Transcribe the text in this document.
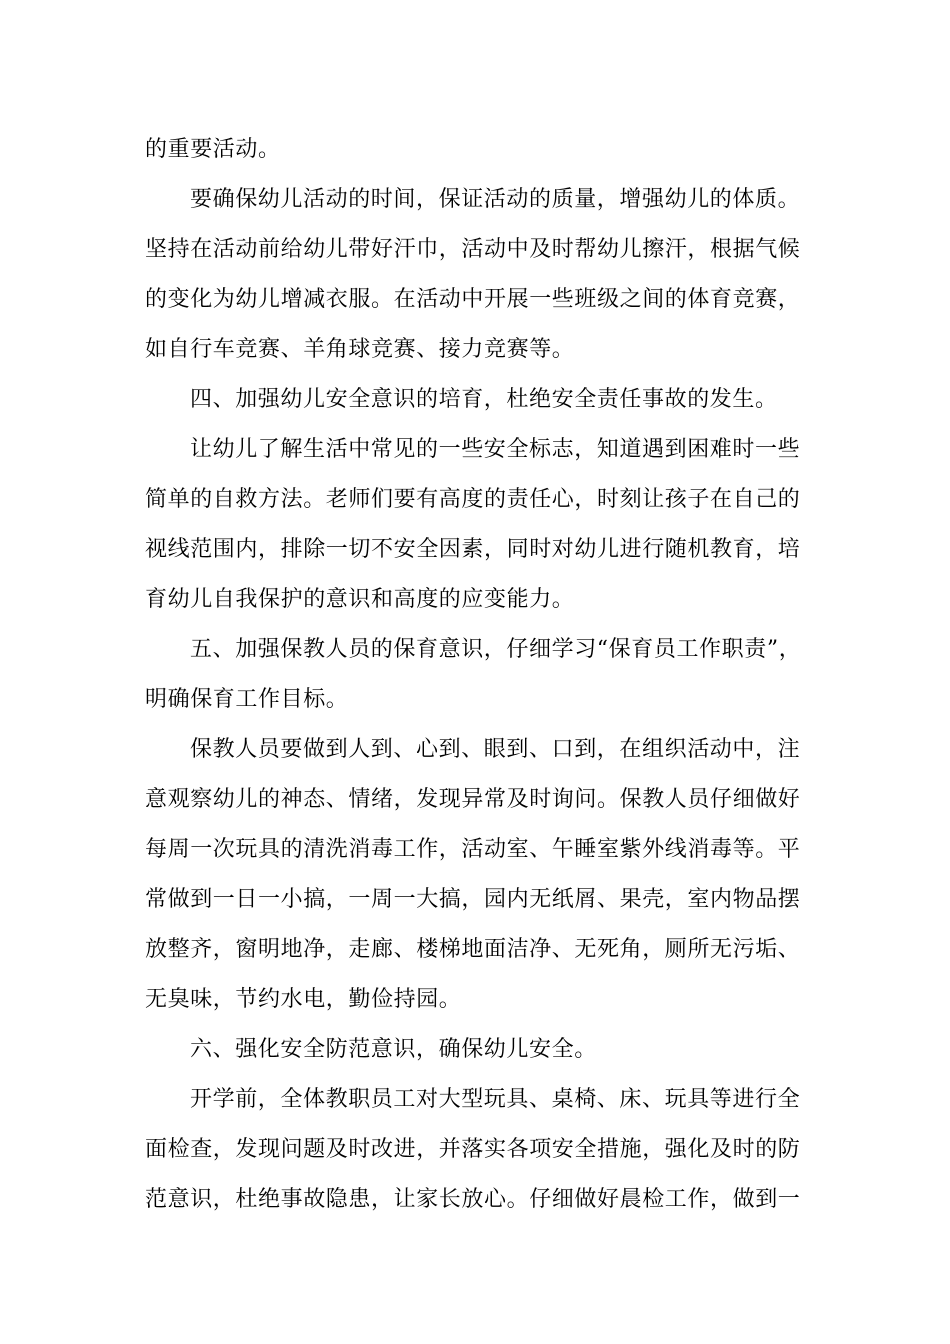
的重要活动。
要确保幼儿活动的时间，保证活动的质量，增强幼儿的体质。
坚持在活动前给幼儿带好汗巾，活动中及时帮幼儿擦汗，根据气候
的变化为幼儿增减衣服。在活动中开展一些班级之间的体育竞赛，
如自行车竞赛、羊角球竞赛、接力竞赛等。
四、加强幼儿安全意识的培育，杜绝安全责任事故的发生。
让幼儿了解生活中常见的一些安全标志，知道遇到困难时一些
简单的自救方法。老师们要有高度的责任心，时刻让孩子在自己的
视线范围内，排除一切不安全因素，同时对幼儿进行随机教育，培
育幼儿自我保护的意识和高度的应变能力。
五、加强保教人员的保育意识，仔细学习“保育员工作职责”，
明确保育工作目标。
保教人员要做到人到、心到、眼到、口到，在组织活动中，注
意观察幼儿的神态、情绪，发现异常及时询问。保教人员仔细做好
每周一次玩具的清洗消毒工作，活动室、午睡室紫外线消毒等。平
常做到一日一小搞，一周一大搞，园内无纸屑、果壳，室内物品摆
放整齐，窗明地净，走廊、楼梯地面洁净、无死角，厕所无污垢、
无臭味，节约水电，勤俭持园。
六、强化安全防范意识，确保幼儿安全。
开学前，全体教职员工对大型玩具、桌椅、床、玩具等进行全
面检查，发现问题及时改进，并落实各项安全措施，强化及时的防
范意识，杜绝事故隐患，让家长放心。仔细做好晨检工作，做到一
